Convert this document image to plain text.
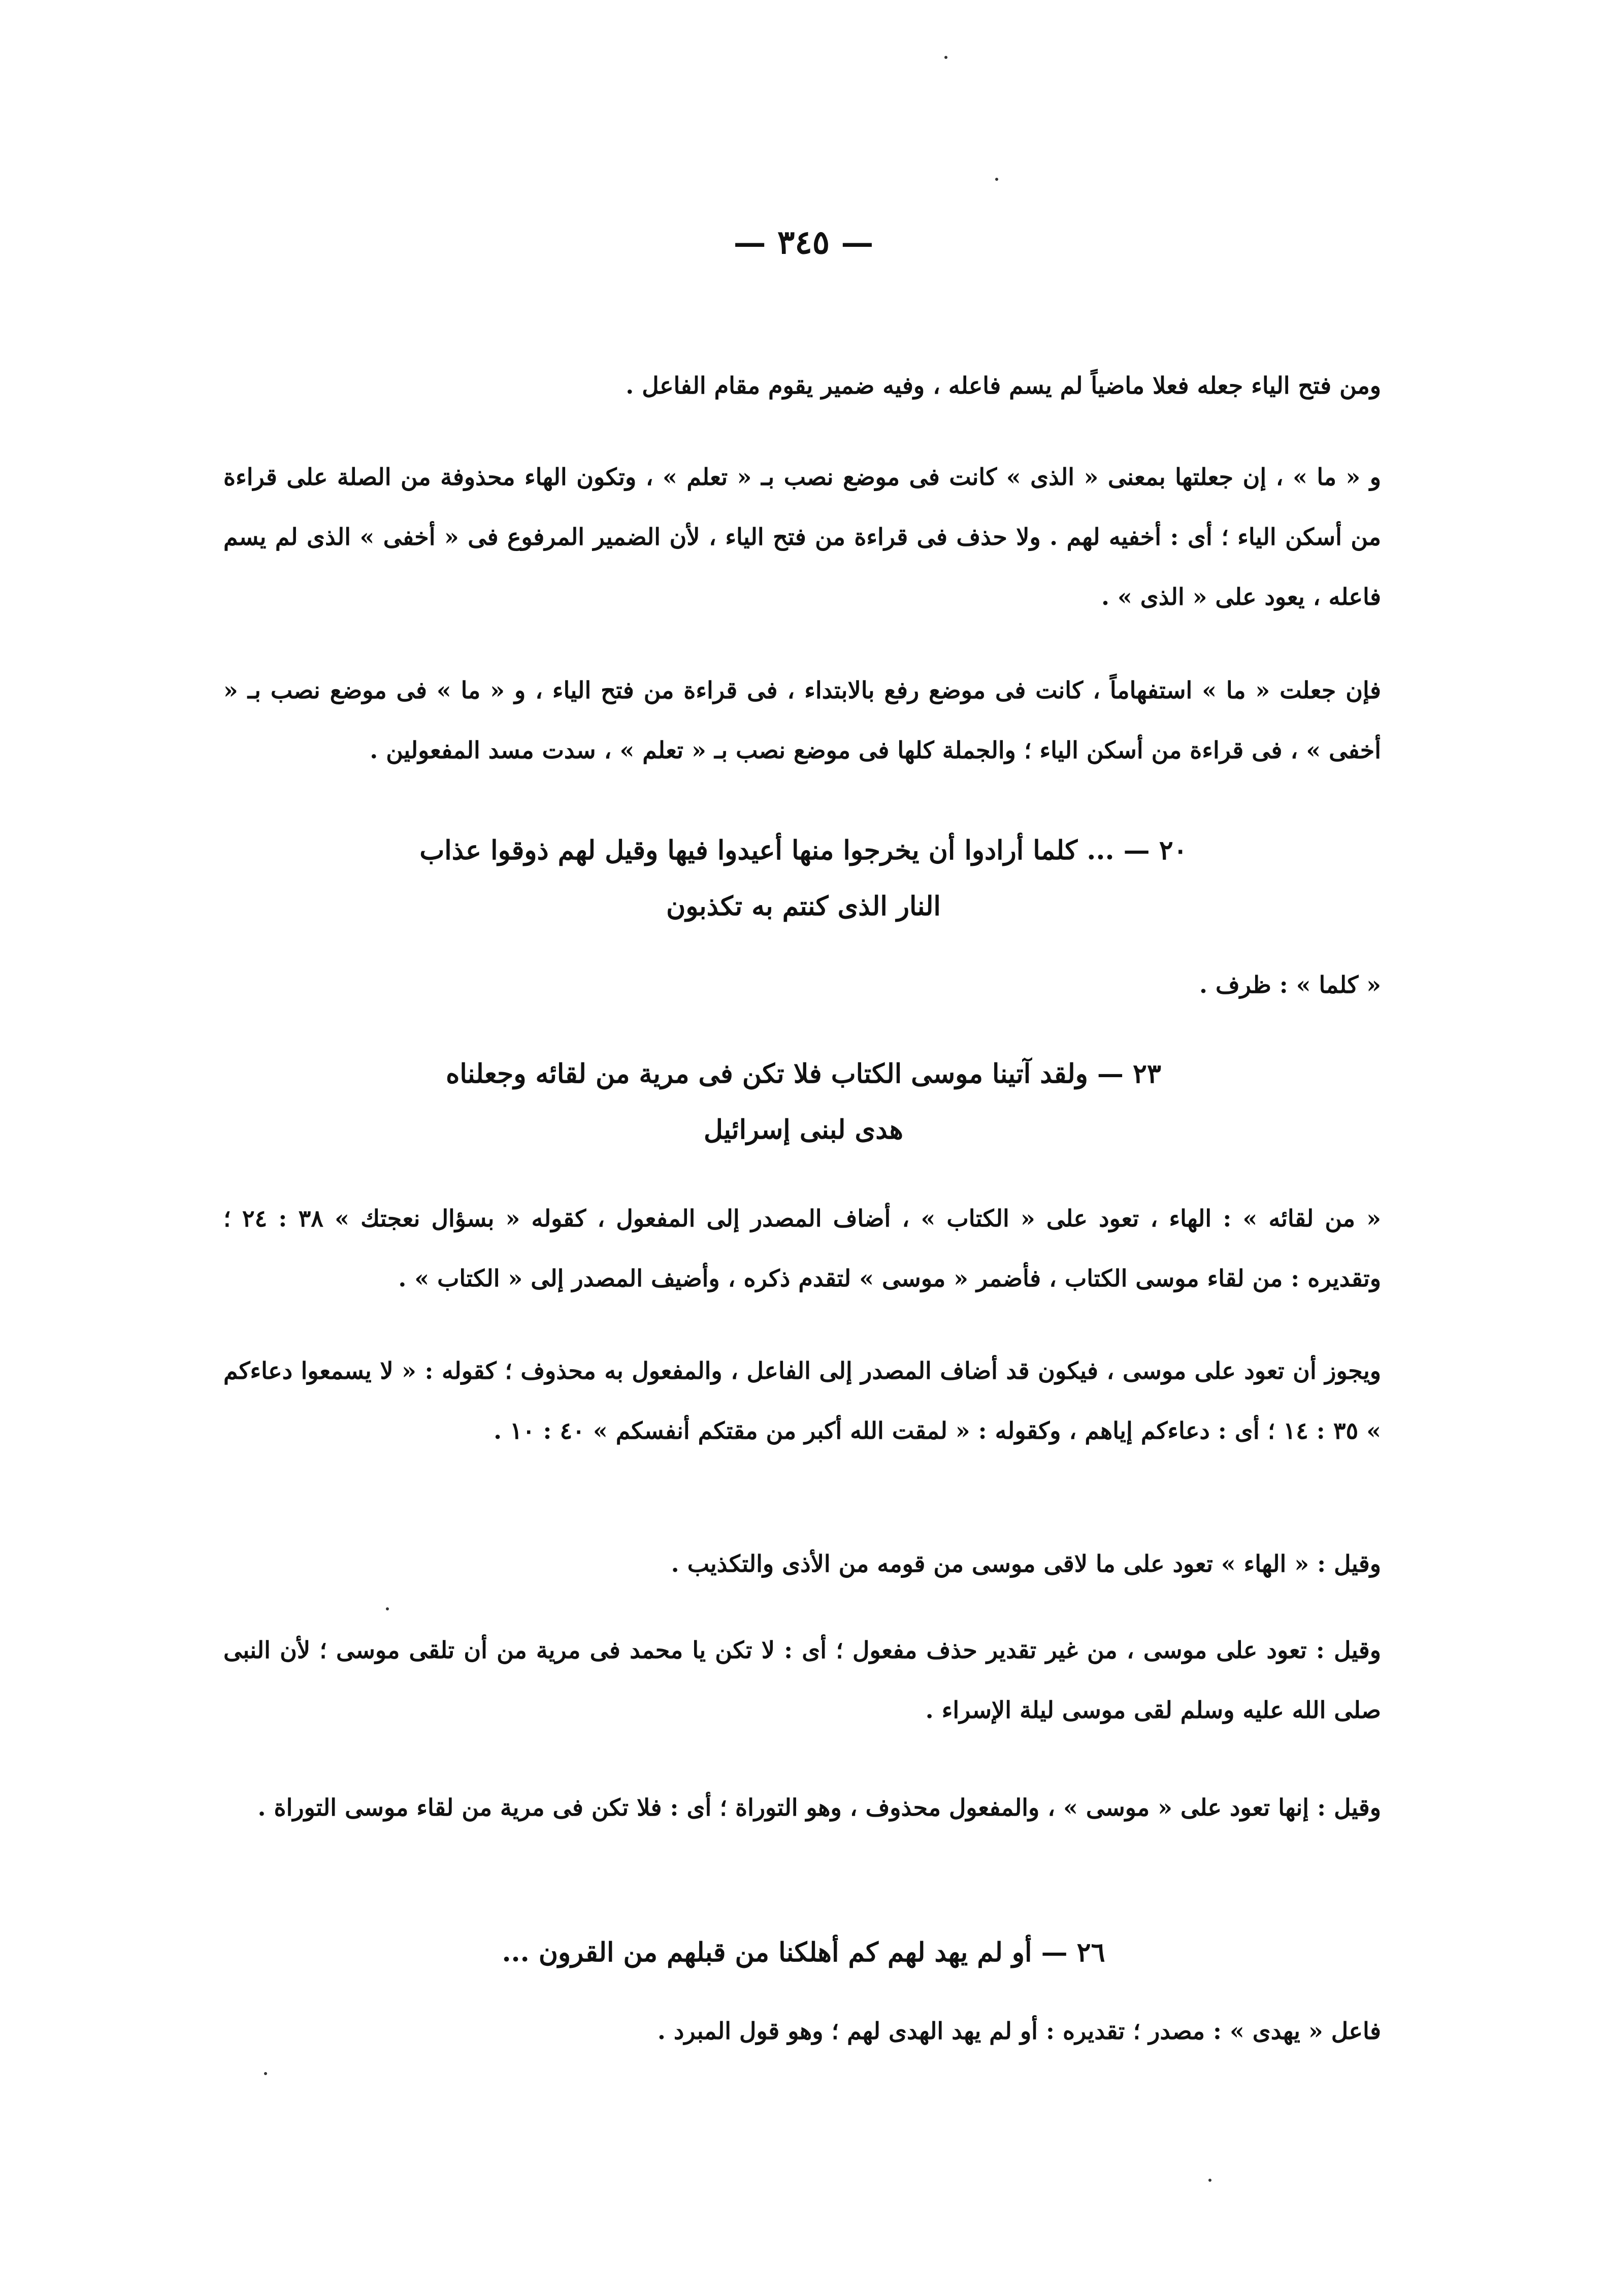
— ٣٤٥ —

ومن فتح الياء جعله فعلا ماضياً لم يسم فاعله ، وفيه ضمير يقوم مقام الفاعل .

و « ما » ، إن جعلتها بمعنى « الذى » كانت فى موضع نصب بـ « تعلم » ، وتكون الهاء محذوفة من الصلة على قراءة من أسكن الياء ؛ أى : أخفيه لهم . ولا حذف فى قراءة من فتح الياء ، لأن الضمير المرفوع فى « أخفى » الذى لم يسم فاعله ، يعود على « الذى » .

فإن جعلت « ما » استفهاماً ، كانت فى موضع رفع بالابتداء ، فى قراءة من فتح الياء ، و « ما » فى موضع نصب بـ « أخفى » ، فى قراءة من أسكن الياء ؛ والجملة كلها فى موضع نصب بـ « تعلم » ، سدت مسد المفعولين .

٢٠ — ... كلما أرادوا أن يخرجوا منها أعيدوا فيها وقيل لهم ذوقوا عذاب
النار الذى كنتم به تكذبون

« كلما » : ظرف .

٢٣ — ولقد آتينا موسى الكتاب فلا تكن فى مرية من لقائه وجعلناه
هدى لبنى إسرائيل

« من لقائه » : الهاء ، تعود على « الكتاب » ، أضاف المصدر إلى المفعول ، كقوله « بسؤال نعجتك » ٣٨ : ٢٤ ؛ وتقديره : من لقاء موسى الكتاب ، فأضمر « موسى » لتقدم ذكره ، وأضيف المصدر إلى « الكتاب » .

ويجوز أن تعود على موسى ، فيكون قد أضاف المصدر إلى الفاعل ، والمفعول به محذوف ؛ كقوله : « لا يسمعوا دعاءكم » ٣٥ : ١٤ ؛ أى : دعاءكم إياهم ، وكقوله : « لمقت الله أكبر من مقتكم أنفسكم » ٤٠ : ١٠ .

وقيل : « الهاء » تعود على ما لاقى موسى من قومه من الأذى والتكذيب .

وقيل : تعود على موسى ، من غير تقدير حذف مفعول ؛ أى : لا تكن يا محمد فى مرية من أن تلقى موسى ؛ لأن النبى صلى الله عليه وسلم لقى موسى ليلة الإسراء .

وقيل : إنها تعود على « موسى » ، والمفعول محذوف ، وهو التوراة ؛ أى : فلا تكن فى مرية من لقاء موسى التوراة .

٢٦ — أو لم يهد لهم كم أهلكنا من قبلهم من القرون ...

فاعل « يهدى » : مصدر ؛ تقديره : أو لم يهد الهدى لهم ؛ وهو قول المبرد .
